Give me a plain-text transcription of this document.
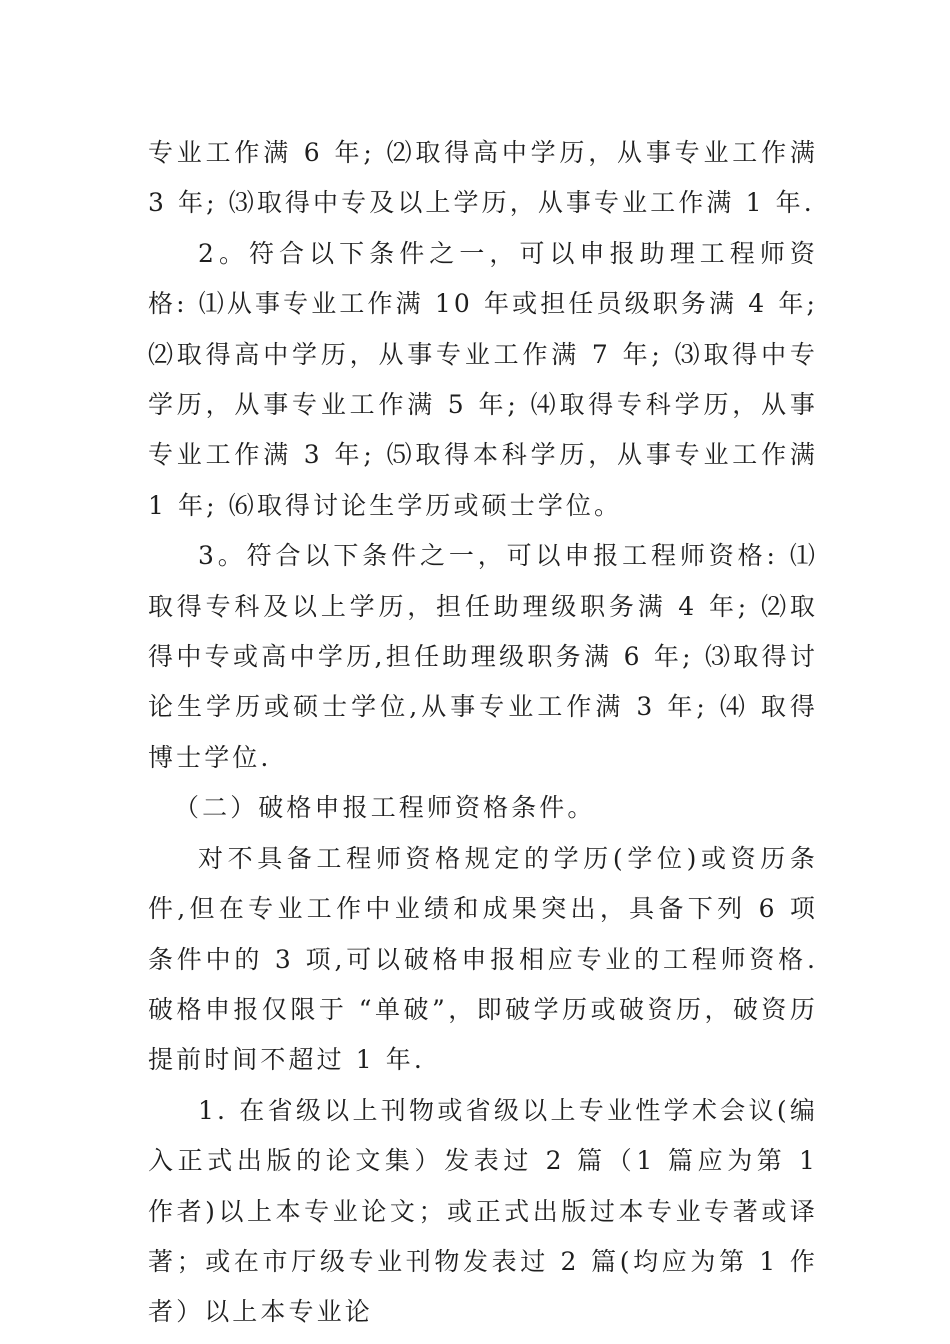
专业工作满 6 年; ⑵取得高中学历，从事专业工作满 3 年; ⑶取得中专及以上学历，从事专业工作满 1 年.

2。符合以下条件之一，可以申报助理工程师资格: ⑴从事专业工作满 10 年或担任员级职务满 4 年; ⑵取得高中学历，从事专业工作满 7 年; ⑶取得中专学历，从事专业工作满 5 年; ⑷取得专科学历，从事专业工作满 3 年; ⑸取得本科学历，从事专业工作满 1 年; ⑹取得讨论生学历或硕士学位。

3。符合以下条件之一，可以申报工程师资格: ⑴取得专科及以上学历，担任助理级职务满 4 年; ⑵取得中专或高中学历,担任助理级职务满 6 年; ⑶取得讨论生学历或硕士学位,从事专业工作满 3 年; ⑷ 取得博士学位.

（二）破格申报工程师资格条件。

对不具备工程师资格规定的学历(学位)或资历条件,但在专业工作中业绩和成果突出，具备下列 6 项条件中的 3 项,可以破格申报相应专业的工程师资格.破格申报仅限于 “单破”，即破学历或破资历，破资历提前时间不超过 1 年.

1. 在省级以上刊物或省级以上专业性学术会议(编入正式出版的论文集）发表过 2 篇（1 篇应为第 1 作者)以上本专业论文；或正式出版过本专业专著或译著；或在市厅级专业刊物发表过 2 篇(均应为第 1 作者）以上本专业论
